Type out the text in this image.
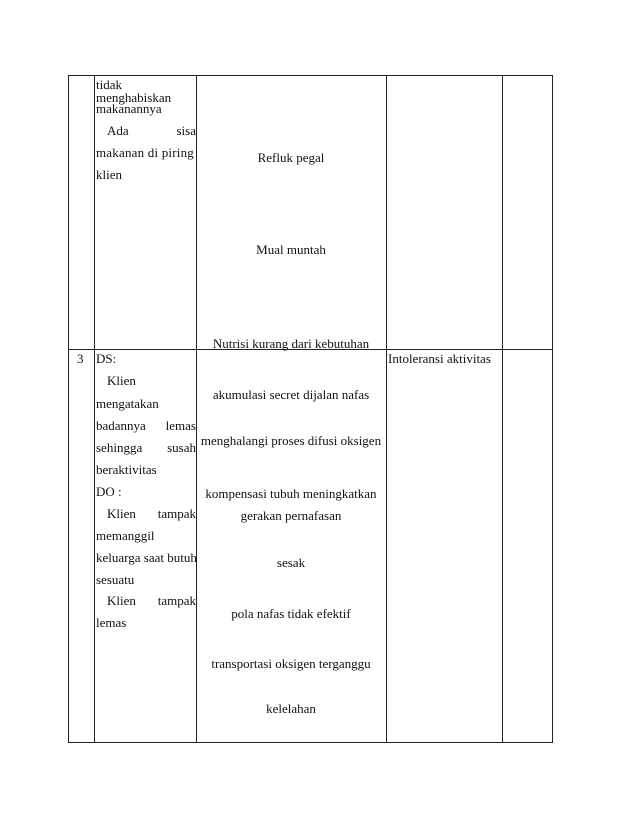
tidak menghabiskan
makanannya
Ada	sisa
makanan di piring
klien
Refluk pegal
Mual muntah
Nutrisi kurang dari kebutuhan
3 DS:
Klien
mengatakan
badannya lemas
sehingga susah
beraktivitas
DO :
Klien tampak
memanggil
keluarga saat butuh
sesuatu
Klien tampak
lemas
akumulasi secret dijalan nafas
menghalangi proses difusi oksigen
kompensasi tubuh meningkatkan
gerakan pernafasan
sesak
pola nafas tidak efektif
transportasi oksigen terganggu
kelelahan
Intoleransi aktivitas
